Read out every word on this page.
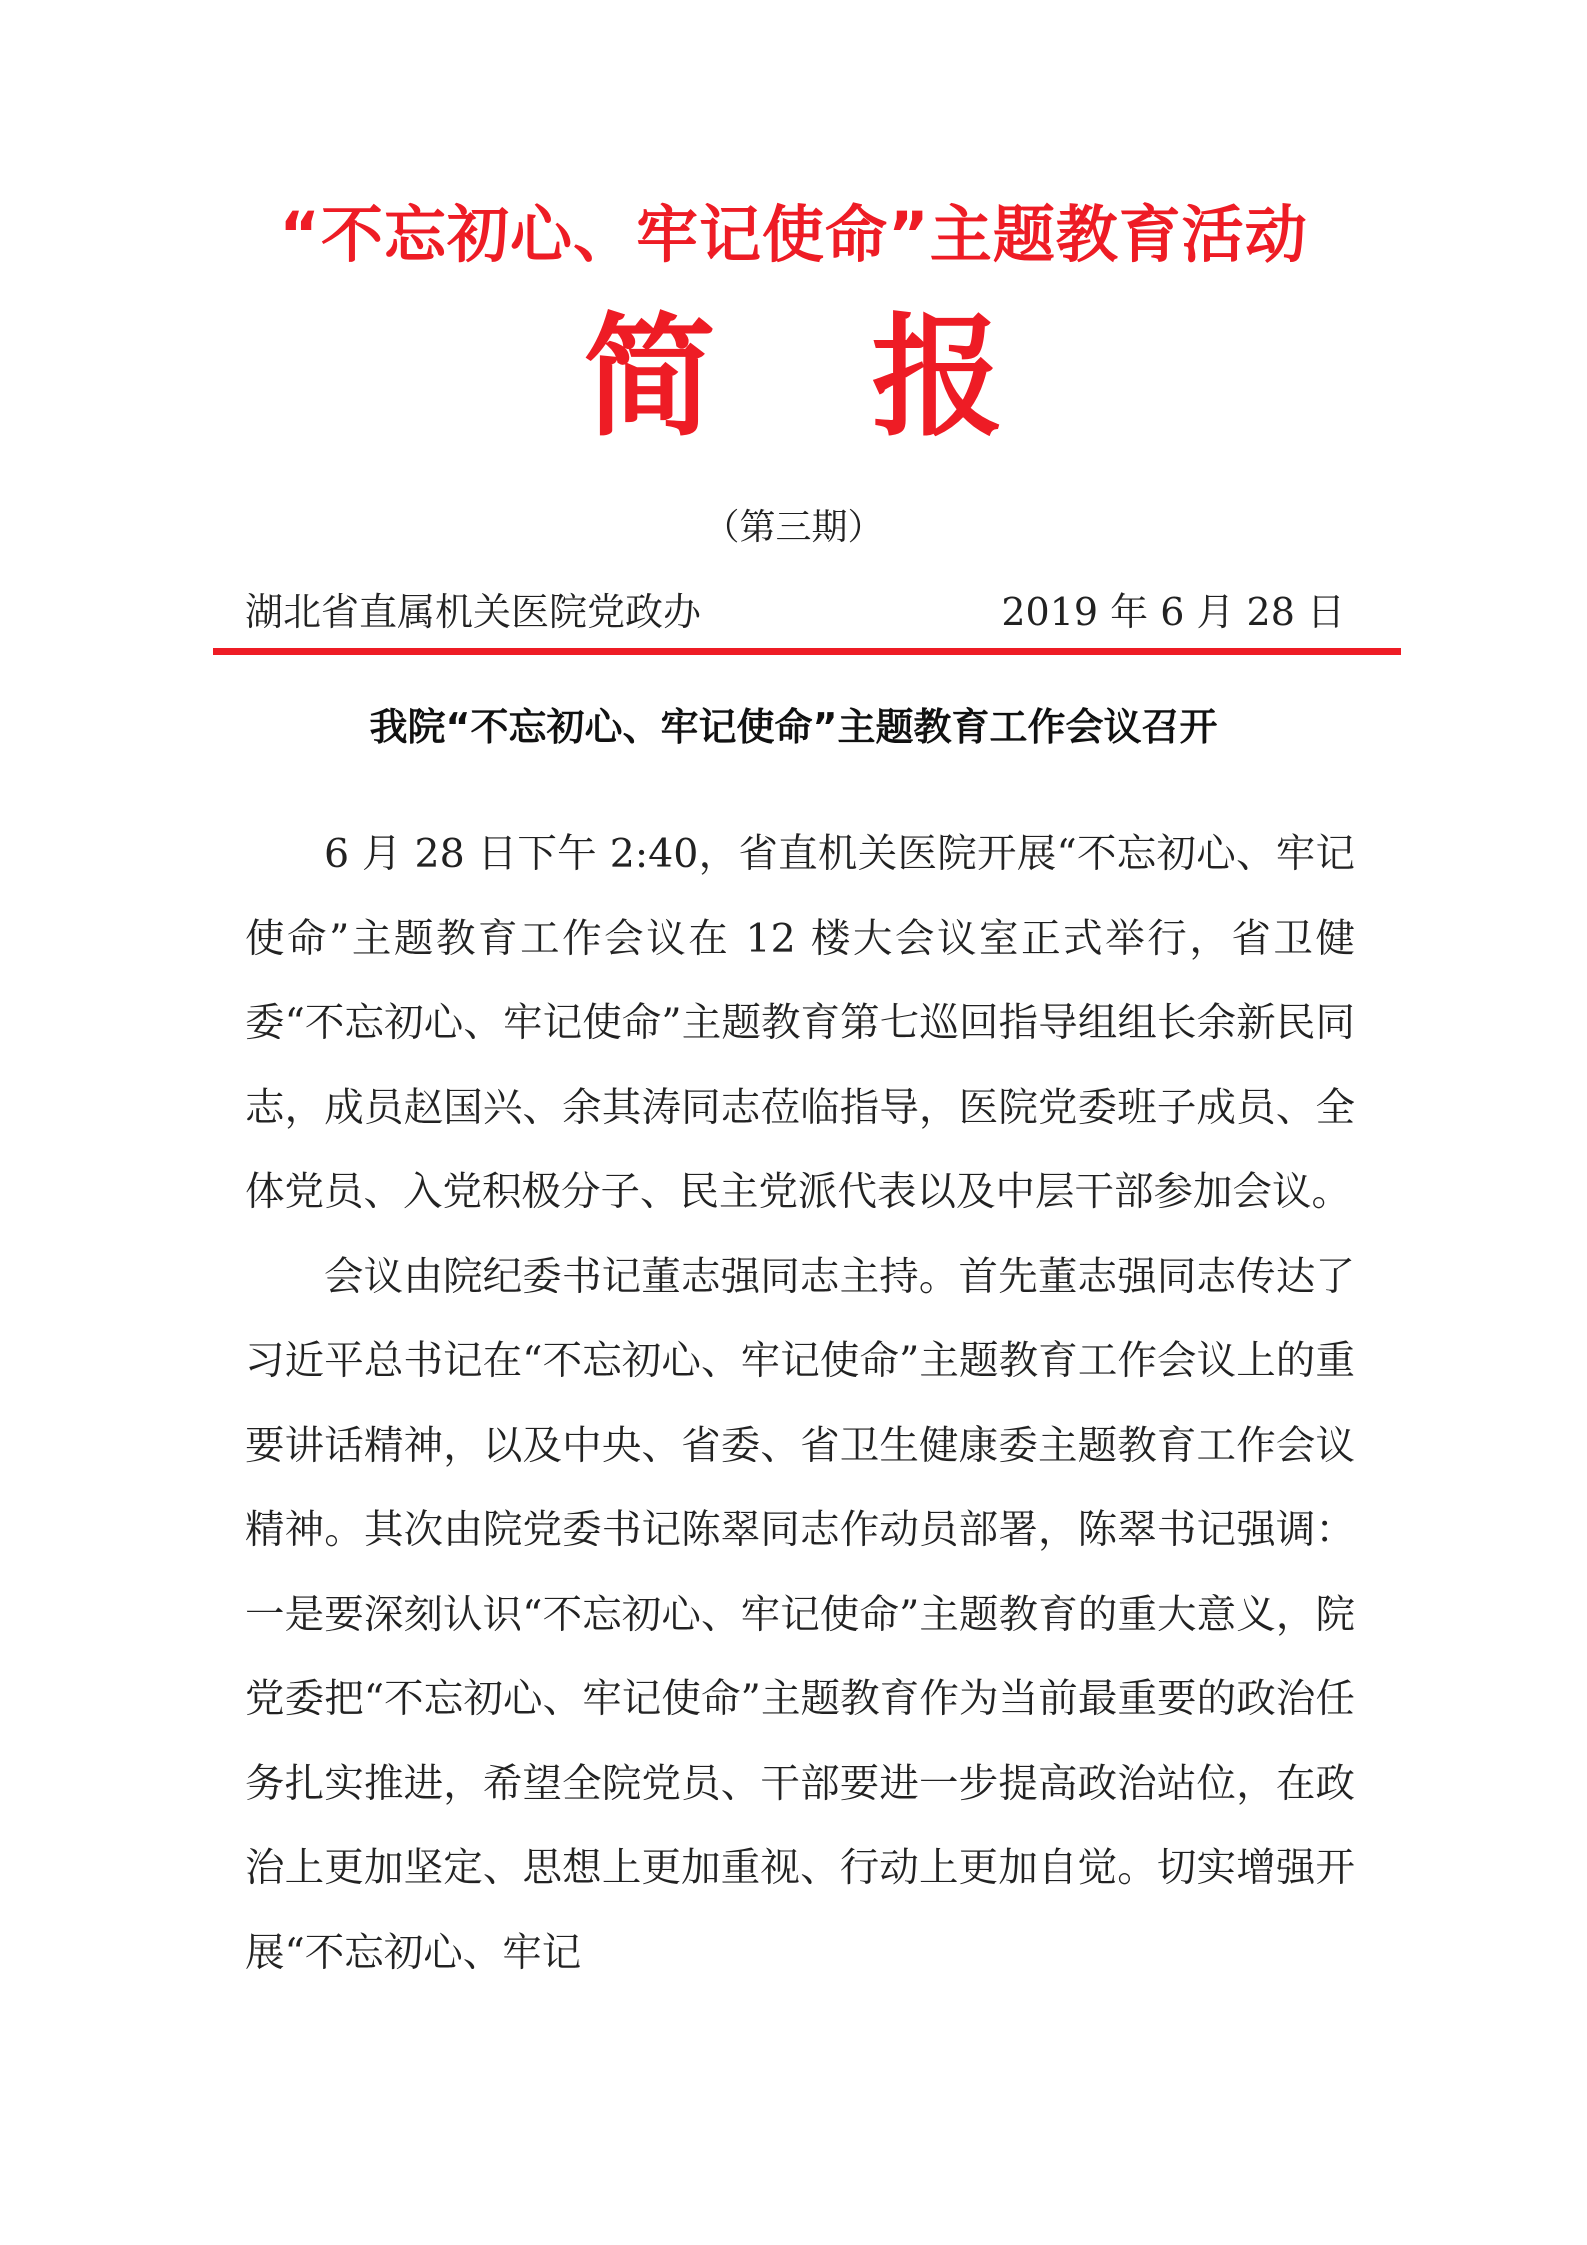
“不忘初心、牢记使命”主题教育活动
简 报
（第三期）
湖北省直属机关医院党政办	2019 年 6 月 28 日
我院“不忘初心、牢记使命”主题教育工作会议召开

6 月 28 日下午 2:40，省直机关医院开展“不忘初心、牢记使命”主题教育工作会议在 12 楼大会议室正式举行，省卫健委“不忘初心、牢记使命”主题教育第七巡回指导组组长余新民同志，成员赵国兴、余其涛同志莅临指导，医院党委班子成员、全体党员、入党积极分子、民主党派代表以及中层干部参加会议。

会议由院纪委书记董志强同志主持。首先董志强同志传达了习近平总书记在“不忘初心、牢记使命”主题教育工作会议上的重要讲话精神，以及中央、省委、省卫生健康委主题教育工作会议精神。其次由院党委书记陈翠同志作动员部署，陈翠书记强调：一是要深刻认识“不忘初心、牢记使命”主题教育的重大意义，院党委把“不忘初心、牢记使命”主题教育作为当前最重要的政治任务扎实推进，希望全院党员、干部要进一步提高政治站位，在政治上更加坚定、思想上更加重视、行动上更加自觉。切实增强开展“不忘初心、牢记
